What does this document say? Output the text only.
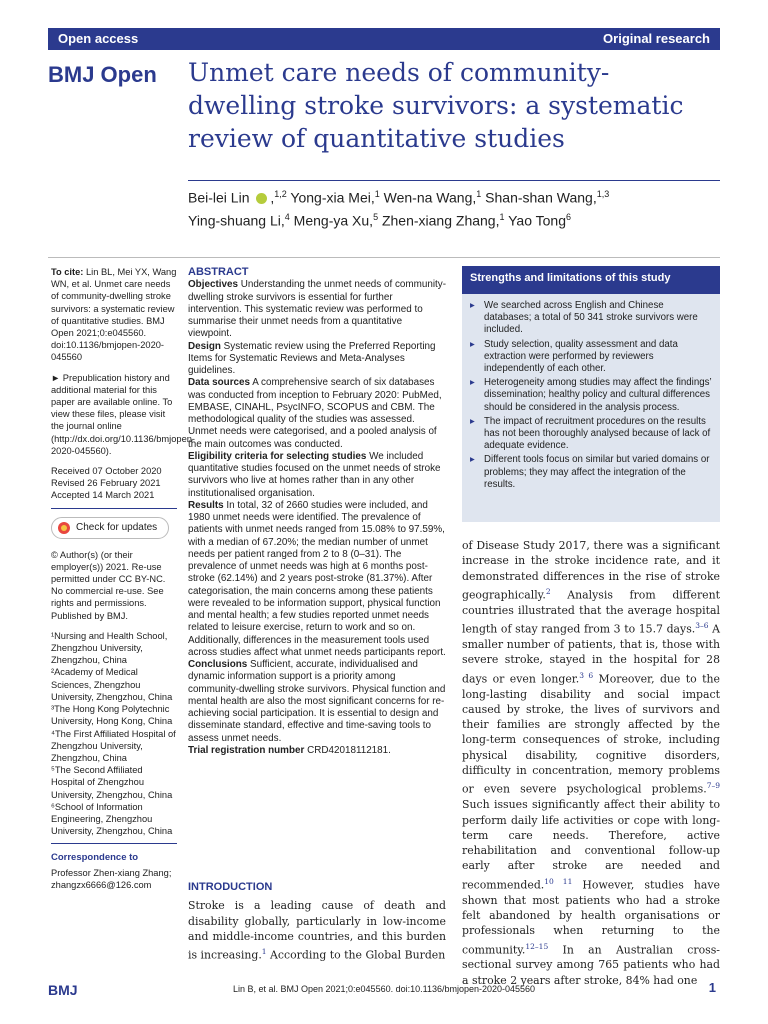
Open access	Original research
BMJ Open Unmet care needs of community-dwelling stroke survivors: a systematic review of quantitative studies
Bei-lei Lin ,$^{1,2}$ Yong-xia Mei,$^1$ Wen-na Wang,$^1$ Shan-shan Wang,$^{1,3}$
Ying-shuang Li,$^4$ Meng-ya Xu,$^5$ Zhen-xiang Zhang,$^1$ Yao Tong$^6$
To cite: Lin BL, Mei YX, Wang WN, et al. Unmet care needs of community-dwelling stroke survivors: a systematic review of quantitative studies. BMJ Open 2021;0:e045560. doi:10.1136/bmjopen-2020-045560
► Prepublication history and additional material for this paper are available online. To view these files, please visit the journal online (http://dx.doi.org/10.1136/bmjopen-2020-045560).
Received 07 October 2020
Revised 26 February 2021
Accepted 14 March 2021
Check for updates
© Author(s) (or their employer(s)) 2021. Re-use permitted under CC BY-NC. No commercial re-use. See rights and permissions. Published by BMJ.
¹Nursing and Health School, Zhengzhou University, Zhengzhou, China
²Academy of Medical Sciences, Zhengzhou University, Zhengzhou, China
³The Hong Kong Polytechnic University, Hong Kong, China
⁴The First Affiliated Hospital of Zhengzhou University, Zhengzhou, China
⁵The Second Affiliated Hospital of Zhengzhou University, Zhengzhou, China
⁶School of Information Engineering, Zhengzhou University, Zhengzhou, China
Correspondence to
Professor Zhen-xiang Zhang;
zhangzx6666@126.com
ABSTRACT
Objectives Understanding the unmet needs of community-dwelling stroke survivors is essential for further intervention. This systematic review was performed to summarise their unmet needs from a quantitative viewpoint.
Design Systematic review using the Preferred Reporting Items for Systematic Reviews and Meta-Analyses guidelines.
Data sources A comprehensive search of six databases was conducted from inception to February 2020: PubMed, EMBASE, CINAHL, PsycINFO, SCOPUS and CBM. The methodological quality of the studies was assessed. Unmet needs were categorised, and a pooled analysis of the main outcomes was conducted.
Eligibility criteria for selecting studies We included quantitative studies focused on the unmet needs of stroke survivors who live at homes rather than in any other institutionalised organisation.
Results In total, 32 of 2660 studies were included, and 1980 unmet needs were identified. The prevalence of patients with unmet needs ranged from 15.08% to 97.59%, with a median of 67.20%; the median number of unmet needs per patient ranged from 2 to 8 (0–31). The prevalence of unmet needs was high at 6 months post-stroke (62.14%) and 2 years post-stroke (81.37%). After categorisation, the main concerns among these patients were revealed to be information support, physical function and mental health; a few studies reported unmet needs related to leisure exercise, return to work and so on. Additionally, differences in the measurement tools used across studies affect what unmet needs participants report.
Conclusions Sufficient, accurate, individualised and dynamic information support is a priority among community-dwelling stroke survivors. Physical function and mental health are also the most significant concerns for re-achieving social participation. It is essential to design and disseminate standard, effective and time-saving tools to assess unmet needs.
Trial registration number CRD42018112181.
INTRODUCTION
Stroke is a leading cause of death and disability globally, particularly in low-income and middle-income countries, and this burden is increasing.$^1$ According to the Global Burden
Strengths and limitations of this study
▸ We searched across English and Chinese databases; a total of 50 341 stroke survivors were included.
▸ Study selection, quality assessment and data extraction were performed by reviewers independently of each other.
▸ Heterogeneity among studies may affect the findings’ dissemination; healthy policy and cultural differences should be considered in the analysis process.
▸ The impact of recruitment procedures on the results has not been thoroughly analysed because of lack of adequate evidence.
▸ Different tools focus on similar but varied domains or problems; they may affect the integration of the results.
of Disease Study 2017, there was a significant increase in the stroke incidence rate, and it demonstrated differences in the rise of stroke geographically.$^2$ Analysis from different countries illustrated that the average hospital length of stay ranged from 3 to 15.7 days.$^{3-6}$ A smaller number of patients, that is, those with severe stroke, stayed in the hospital for 28 days or even longer.$^{3 6}$ Moreover, due to the long-lasting disability and social impact caused by stroke, the lives of survivors and their families are strongly affected by the long-term consequences of stroke, including physical disability, cognitive disorders, difficulty in concentration, memory problems or even severe psychological problems.$^{7-9}$ Such issues significantly affect their ability to perform daily life activities or cope with long-term care needs. Therefore, active rehabilitation and conventional follow-up early after stroke are needed and recommended.$^{10 11}$ However, studies have shown that most patients who had a stroke felt abandoned by health organisations or professionals when returning to the community.$^{12-15}$ In an Australian cross-sectional survey among 765 patients who had a stroke 2 years after stroke, 84% had one
BMJ	Lin B, et al. BMJ Open 2021;0:e045560. doi:10.1136/bmjopen-2020-045560	1
